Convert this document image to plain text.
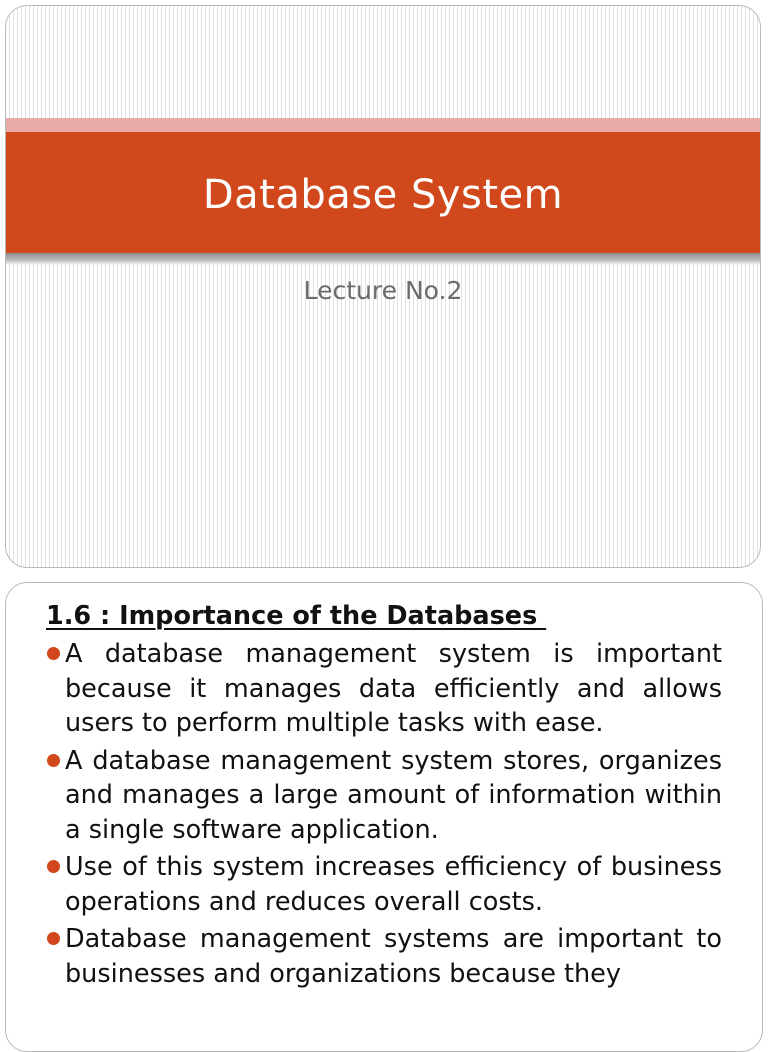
Database System
Lecture No.2
1.6 : Importance of the Databases
A database management system is important because it manages data efficiently and allows users to perform multiple tasks with ease.
A database management system stores, organizes and manages a large amount of information within a single software application.
Use of this system increases efficiency of business operations and reduces overall costs.
Database management systems are important to businesses and organizations because they
